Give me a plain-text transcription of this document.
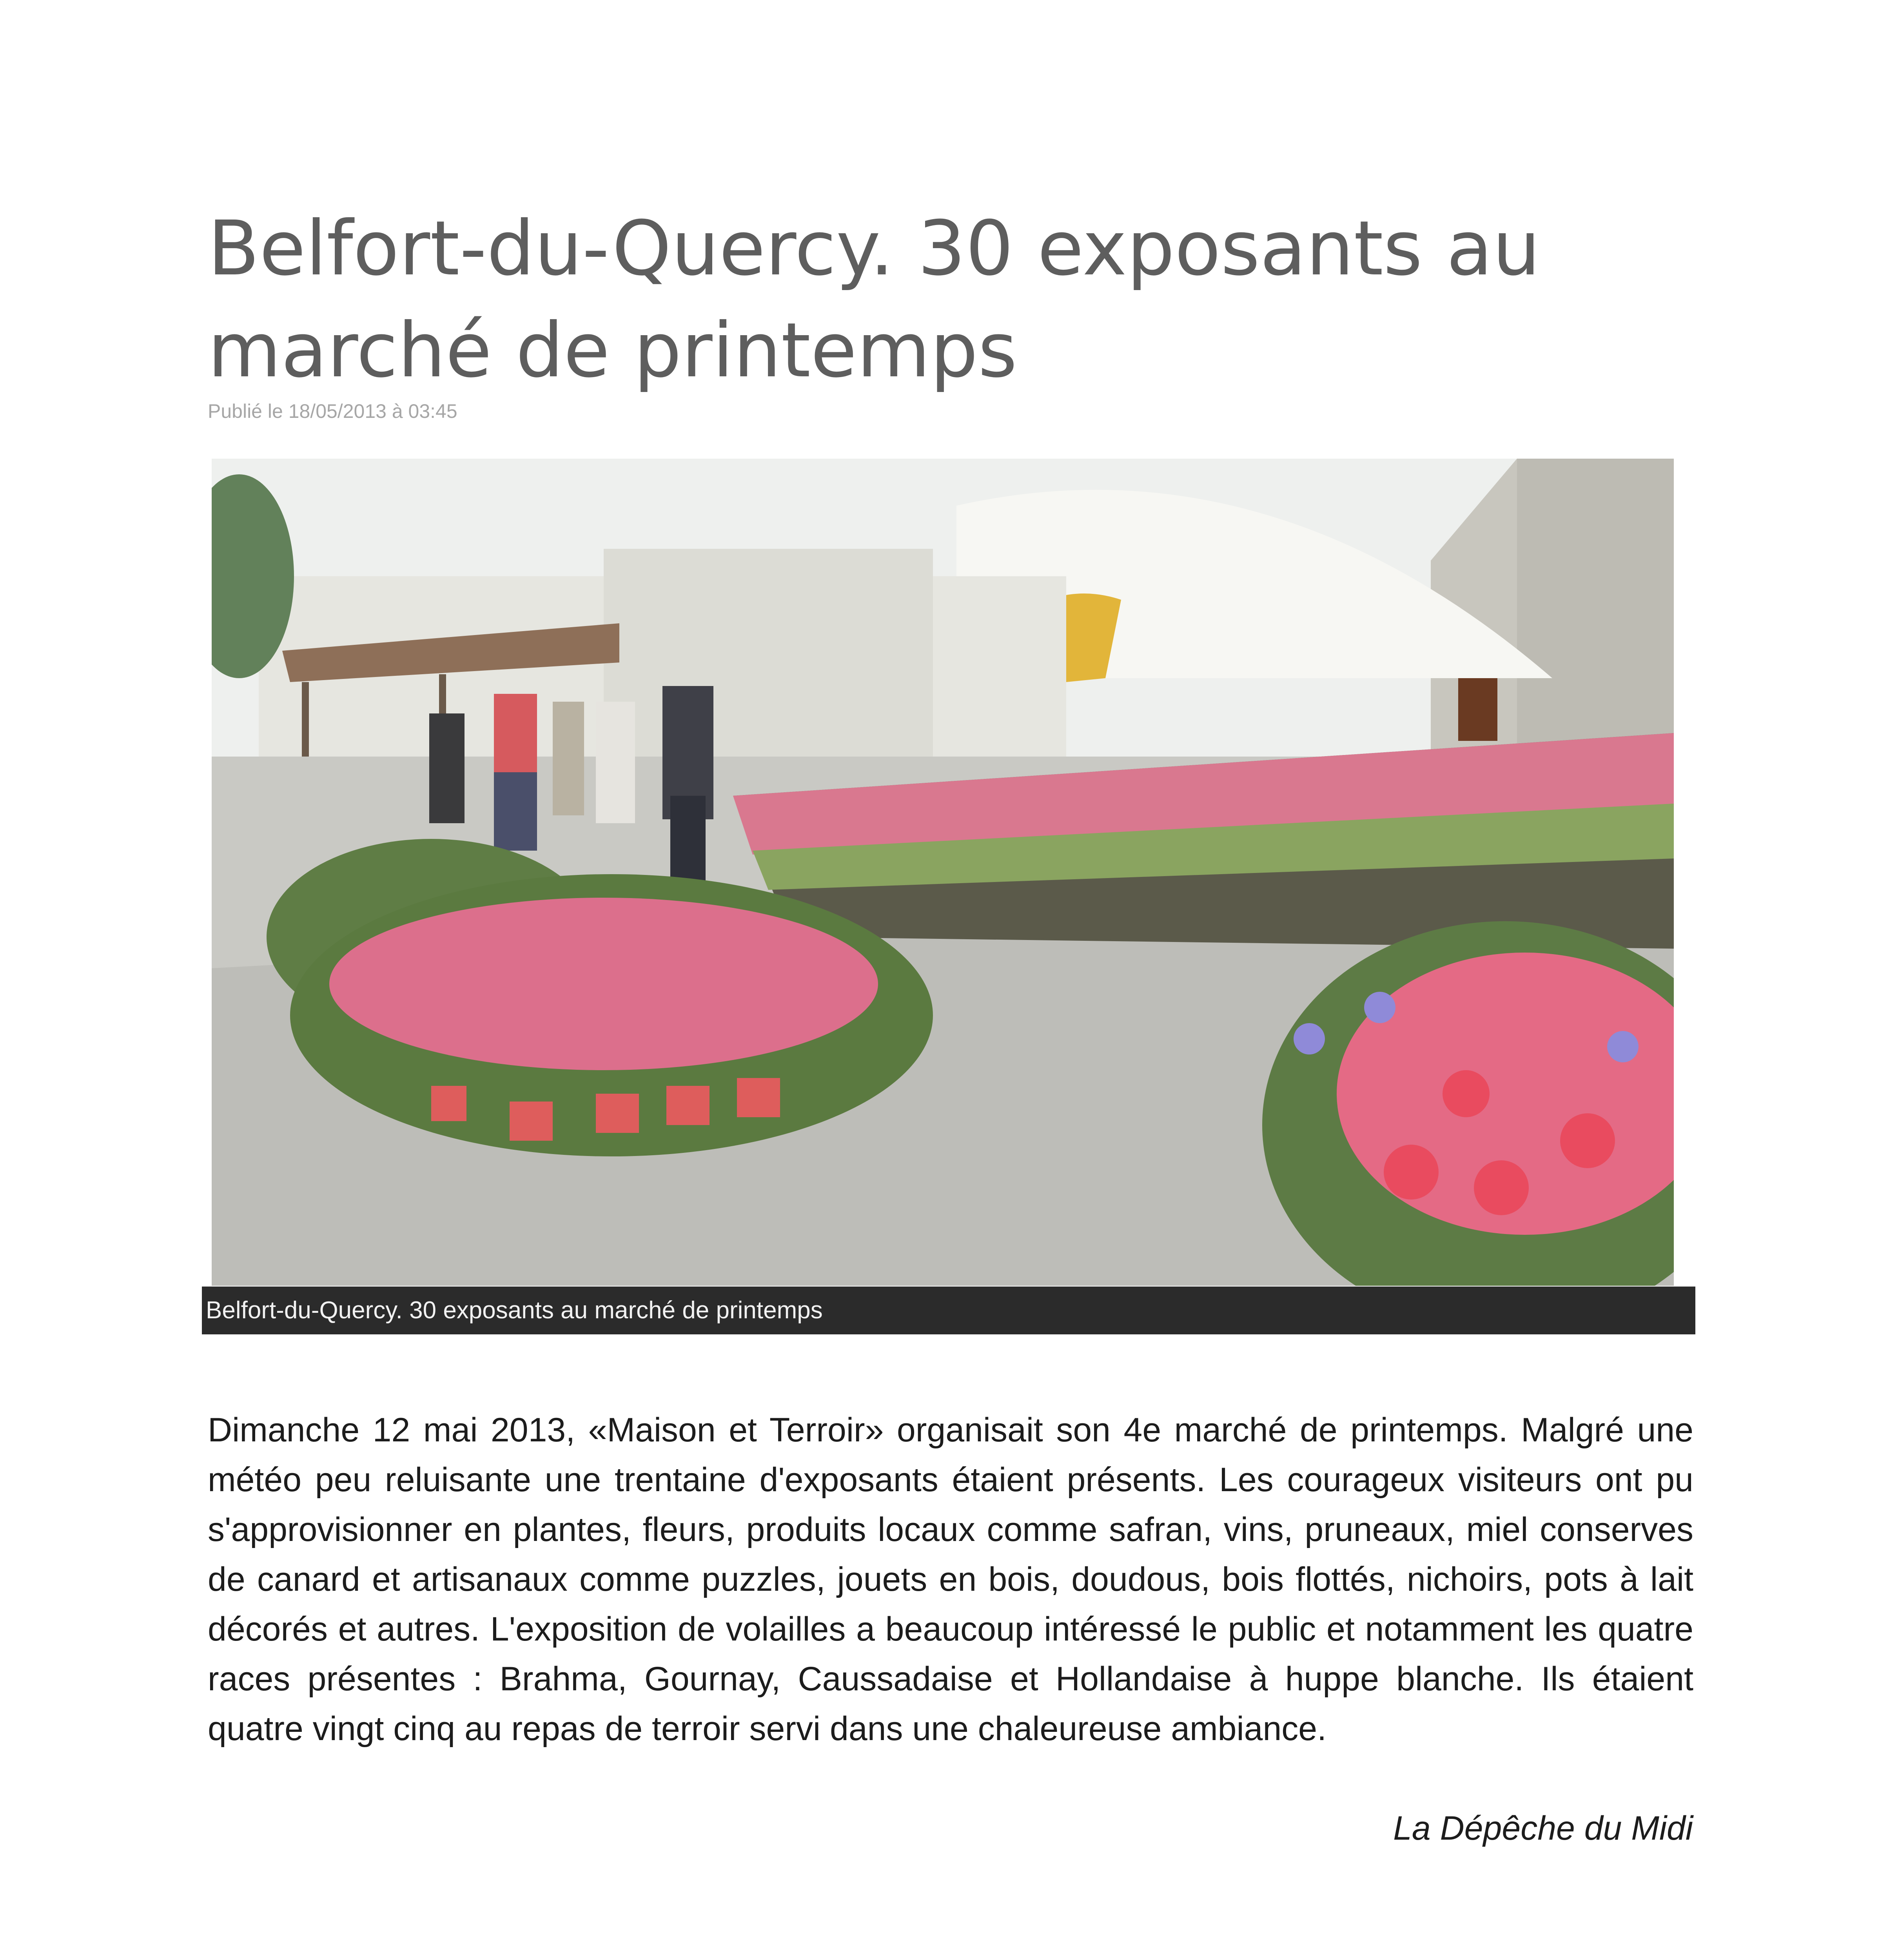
Belfort-du-Quercy. 30 exposants au marché de printemps
Publié le 18/05/2013 à 03:45
Belfort-du-Quercy. 30 exposants au marché de printemps

Dimanche 12 mai 2013, «Maison et Terroir» organisait son 4e marché de printemps. Malgré une météo peu reluisante une trentaine d'exposants étaient présents. Les courageux visiteurs ont pu s'approvisionner en plantes, fleurs, produits locaux comme safran, vins, pruneaux, miel conserves de canard et artisanaux comme puzzles, jouets en bois, doudous, bois flottés, nichoirs, pots à lait décorés et autres. L'exposition de volailles a beaucoup intéressé le public et notamment les quatre races présentes : Brahma, Gournay, Caussadaise et Hollandaise à huppe blanche. Ils étaient quatre vingt cinq au repas de terroir servi dans une chaleureuse ambiance.

La Dépêche du Midi
